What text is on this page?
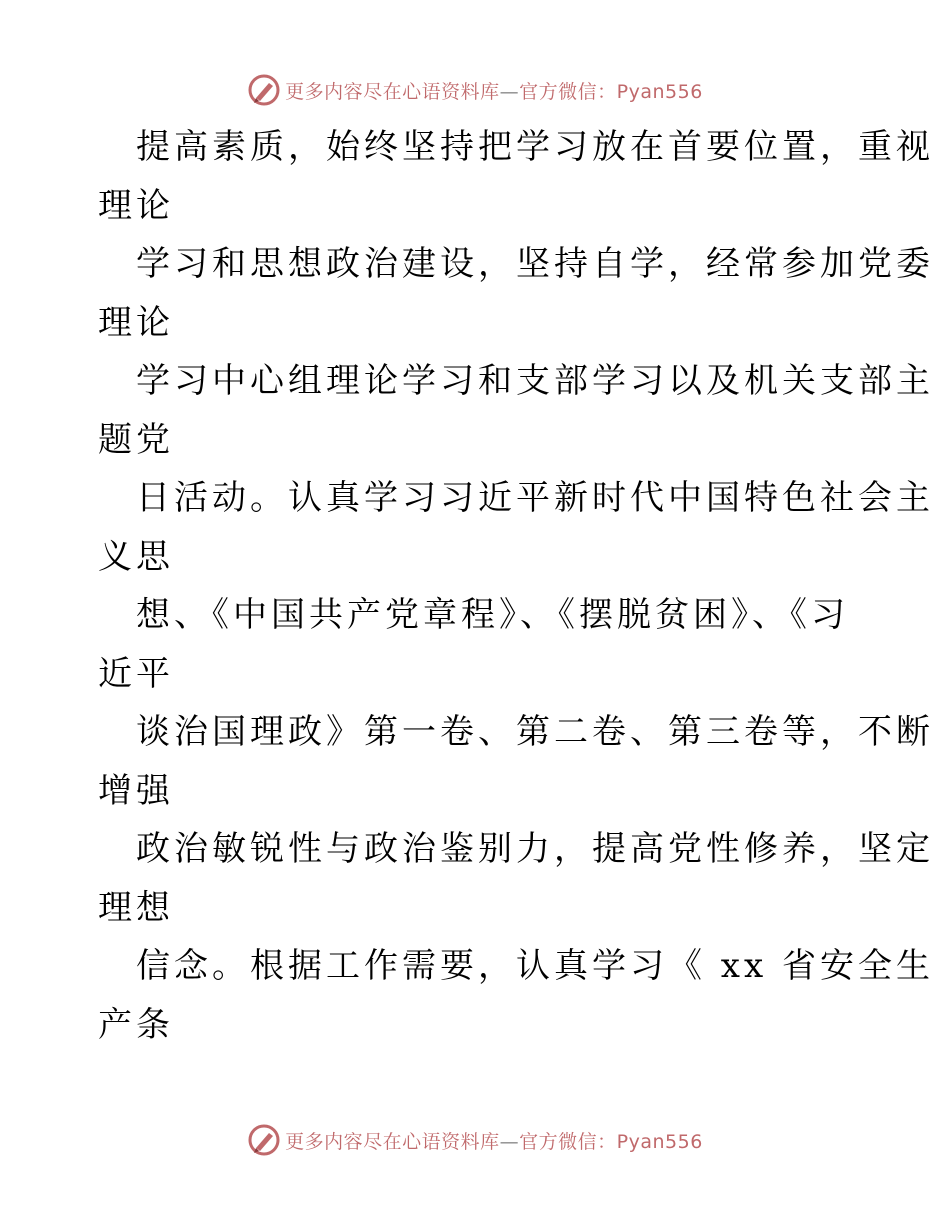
更多内容尽在心语资料库—官方微信：Pyan556
提高素质，始终坚持把学习放在首要位置，重视
理论
学习和思想政治建设，坚持自学，经常参加党委
理论
学习中心组理论学习和支部学习以及机关支部主
题党
日活动。认真学习习近平新时代中国特色社会主
义思
想、《中国共产党章程》、《摆脱贫困》、《习
近平
谈治国理政》第一卷、第二卷、第三卷等，不断
增强
政治敏锐性与政治鉴别力，提高党性修养，坚定
理想
信念。根据工作需要，认真学习《 xx 省安全生
产条
更多内容尽在心语资料库—官方微信：Pyan556
